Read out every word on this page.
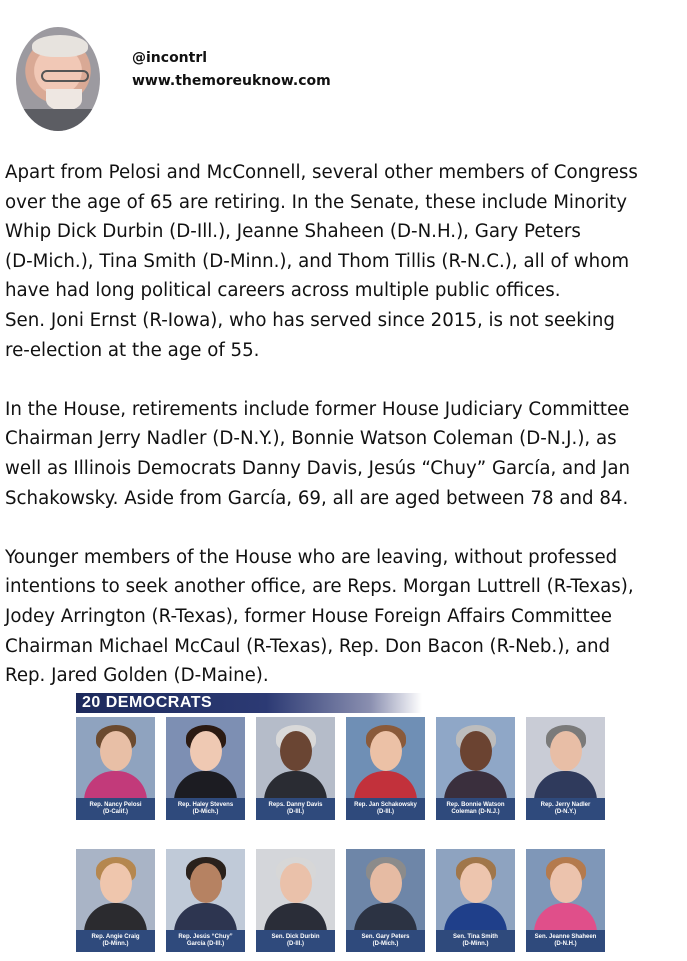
@incontrl
www.themoreuknow.com

Apart from Pelosi and McConnell, several other members of Congress
over the age of 65 are retiring. In the Senate, these include Minority
Whip Dick Durbin (D-Ill.), Jeanne Shaheen (D-N.H.), Gary Peters
(D-Mich.), Tina Smith (D-Minn.), and Thom Tillis (R-N.C.), all of whom
have had long political careers across multiple public offices.

Sen. Joni Ernst (R-Iowa), who has served since 2015, is not seeking
re-election at the age of 55.

In the House, retirements include former House Judiciary Committee
Chairman Jerry Nadler (D-N.Y.), Bonnie Watson Coleman (D-N.J.), as
well as Illinois Democrats Danny Davis, Jesús “Chuy” García, and Jan
Schakowsky. Aside from García, 69, all are aged between 78 and 84.

Younger members of the House who are leaving, without professed
intentions to seek another office, are Reps. Morgan Luttrell (R-Texas),
Jodey Arrington (R-Texas), former House Foreign Affairs Committee
Chairman Michael McCaul (R-Texas), Rep. Don Bacon (R-Neb.), and
Rep. Jared Golden (D-Maine).

20 DEMOCRATS
Rep. Nancy Pelosi
(D-Calif.)
Rep. Haley Stevens
(D-Mich.)
Reps. Danny Davis
(D-Ill.)
Rep. Jan Schakowsky
(D-Ill.)
Rep. Bonnie Watson
Coleman (D-N.J.)
Rep. Jerry Nadler
(D-N.Y.)
Rep. Angie Craig
(D-Minn.)
Rep. Jesús “Chuy”
García (D-Ill.)
Sen. Dick Durbin
(D-Ill.)
Sen. Gary Peters
(D-Mich.)
Sen. Tina Smith
(D-Minn.)
Sen. Jeanne Shaheen
(D-N.H.)
